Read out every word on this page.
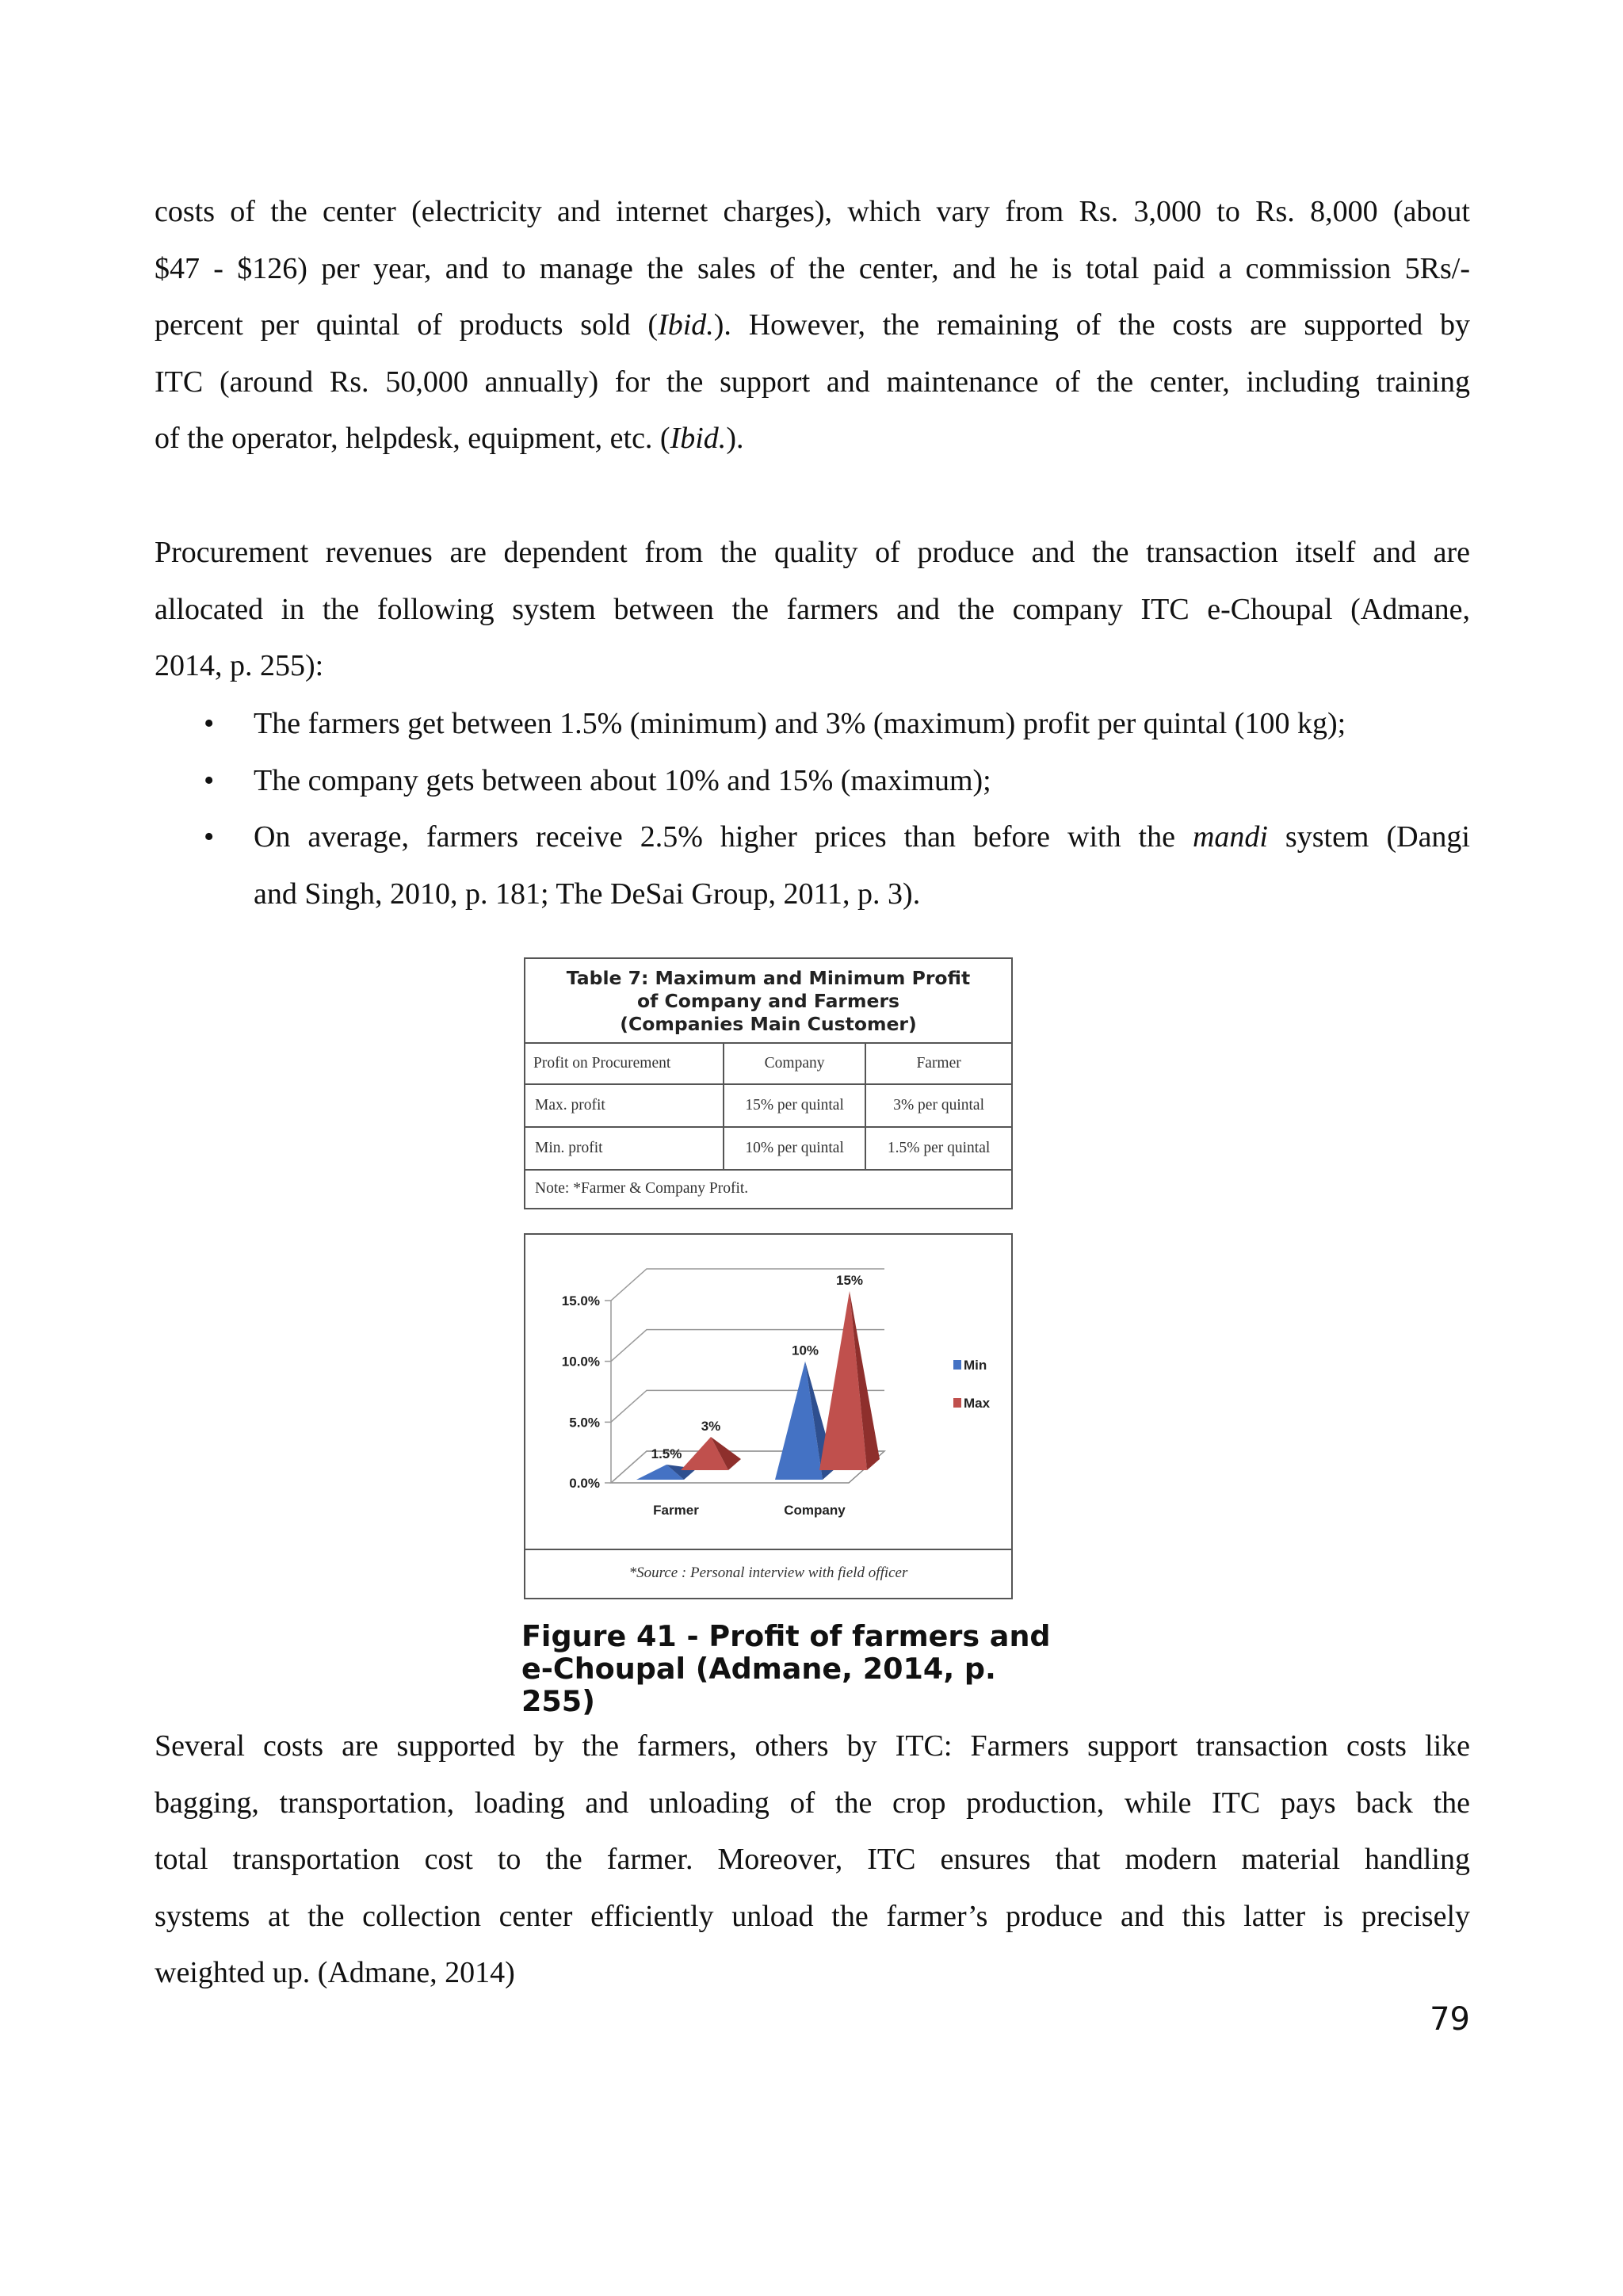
costs of the center (electricity and internet charges), which vary from Rs. 3,000 to Rs. 8,000 (about
$47 - $126) per year, and to manage the sales of the center, and he is total paid a commission 5Rs/-
percent per quintal of products sold (Ibid.). However, the remaining of the costs are supported by
ITC (around Rs. 50,000 annually) for the support and maintenance of the center, including training
of the operator, helpdesk, equipment, etc. (Ibid.).
Procurement revenues are dependent from the quality of produce and the transaction itself and are
allocated in the following system between the farmers and the company ITC e-Choupal (Admane,
2014, p. 255):
• The farmers get between 1.5% (minimum) and 3% (maximum) profit per quintal (100 kg);
• The company gets between about 10% and 15% (maximum);
• On average, farmers receive 2.5% higher prices than before with the mandi system (Dangi
and Singh, 2010, p. 181; The DeSai Group, 2011, p. 3).
Table 7: Maximum and Minimum Profit
of Company and Farmers
(Companies Main Customer)
Profit on Procurement	Company	Farmer
Max. profit	15% per quintal	3% per quintal
Min. profit	10% per quintal	1.5% per quintal
Note: *Farmer & Company Profit.
0.0%
5.0%
10.0%
15.0%
1.5%
3%
Farmer
10%
15%
Company
Min
Max
*Source : Personal interview with field officer
Figure 41 - Profit of farmers and
e-Choupal (Admane, 2014, p. 255)
Several costs are supported by the farmers, others by ITC: Farmers support transaction costs like
bagging, transportation, loading and unloading of the crop production, while ITC pays back the
total transportation cost to the farmer. Moreover, ITC ensures that modern material handling
systems at the collection center efficiently unload the farmer’s produce and this latter is precisely
weighted up. (Admane, 2014)
79
